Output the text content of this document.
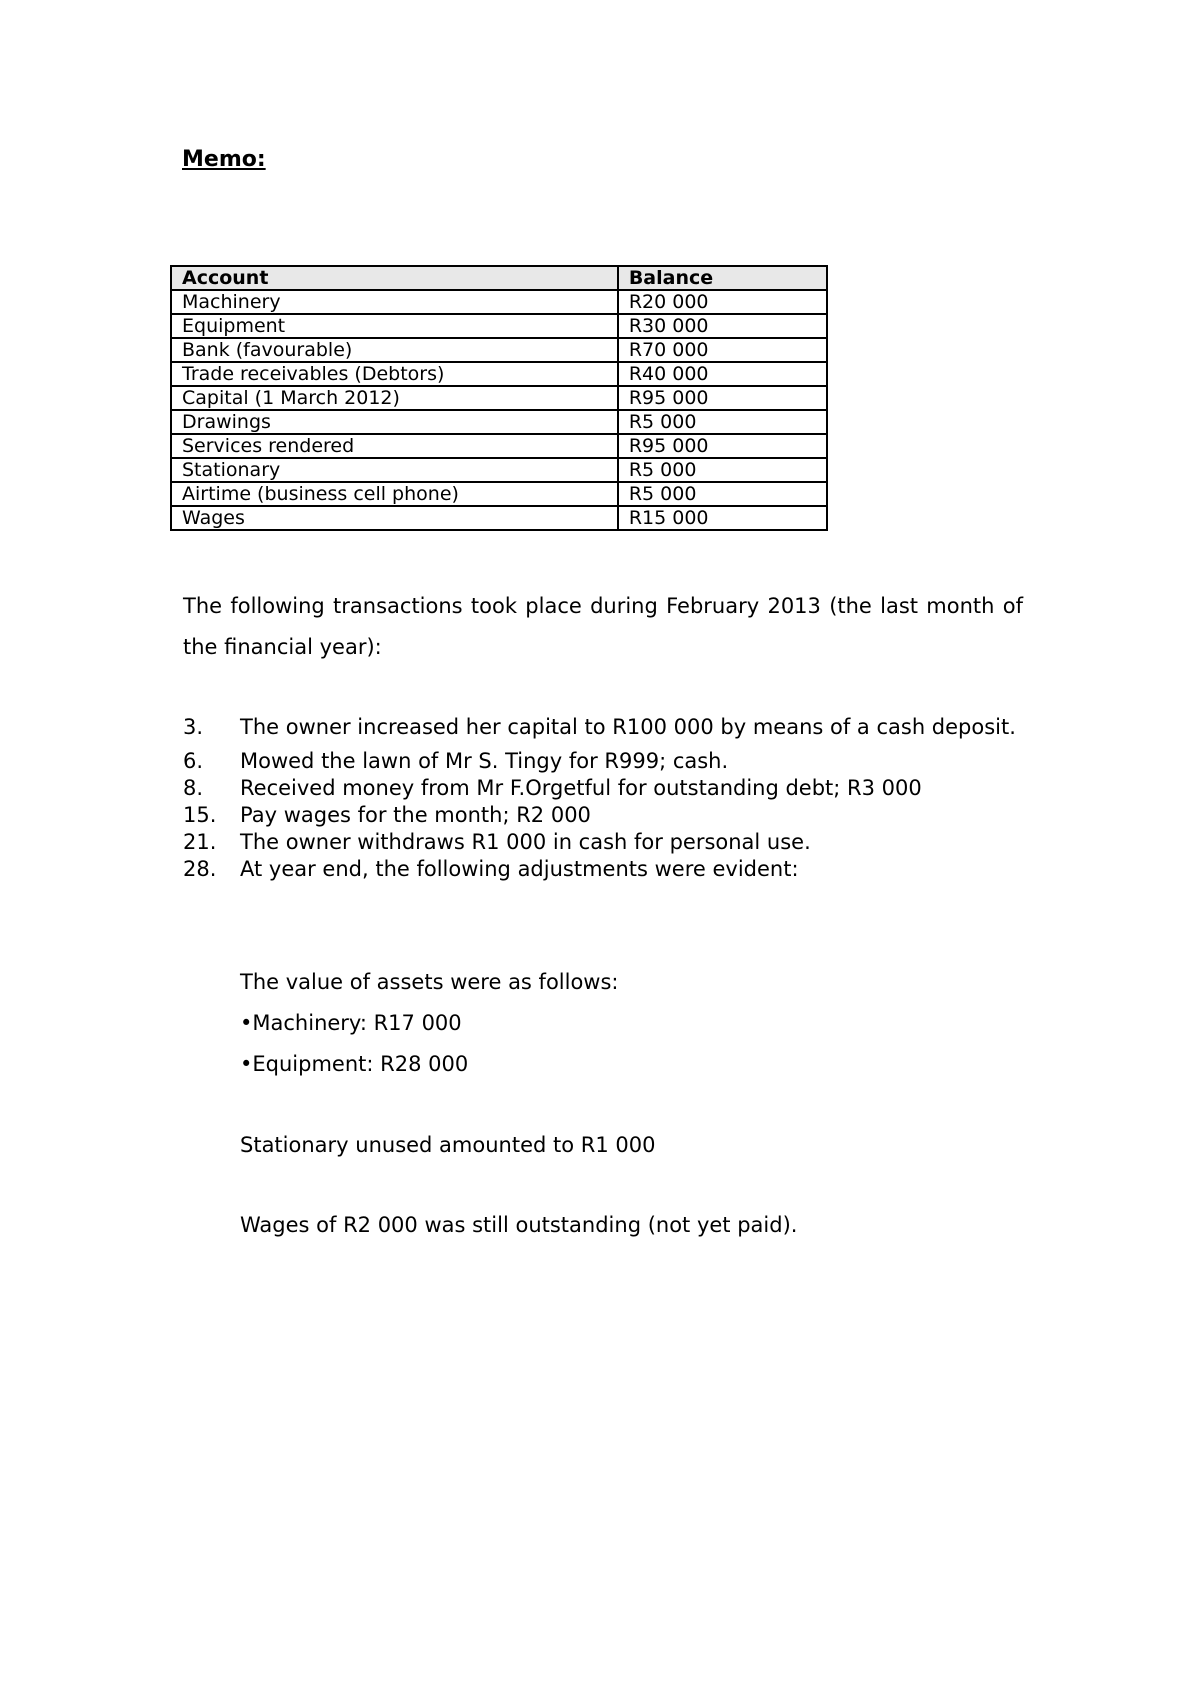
Memo:

Account	Balance
Machinery	R20 000
Equipment	R30 000
Bank (favourable)	R70 000
Trade receivables (Debtors)	R40 000
Capital (1 March 2012)	R95 000
Drawings	R5 000
Services rendered	R95 000
Stationary	R5 000
Airtime (business cell phone)	R5 000
Wages	R15 000

The following transactions took place during February 2013 (the last month of the financial year):

3.	The owner increased her capital to R100 000 by means of a cash deposit.
6.	Mowed the lawn of Mr S. Tingy for R999; cash.
8.	Received money from Mr F.Orgetful for outstanding debt; R3 000
15.	Pay wages for the month; R2 000
21.	The owner withdraws R1 000 in cash for personal use.
28.	At year end, the following adjustments were evident:

The value of assets were as follows:

•Machinery: R17 000

•Equipment: R28 000

Stationary unused amounted to R1 000

Wages of R2 000 was still outstanding (not yet paid).
